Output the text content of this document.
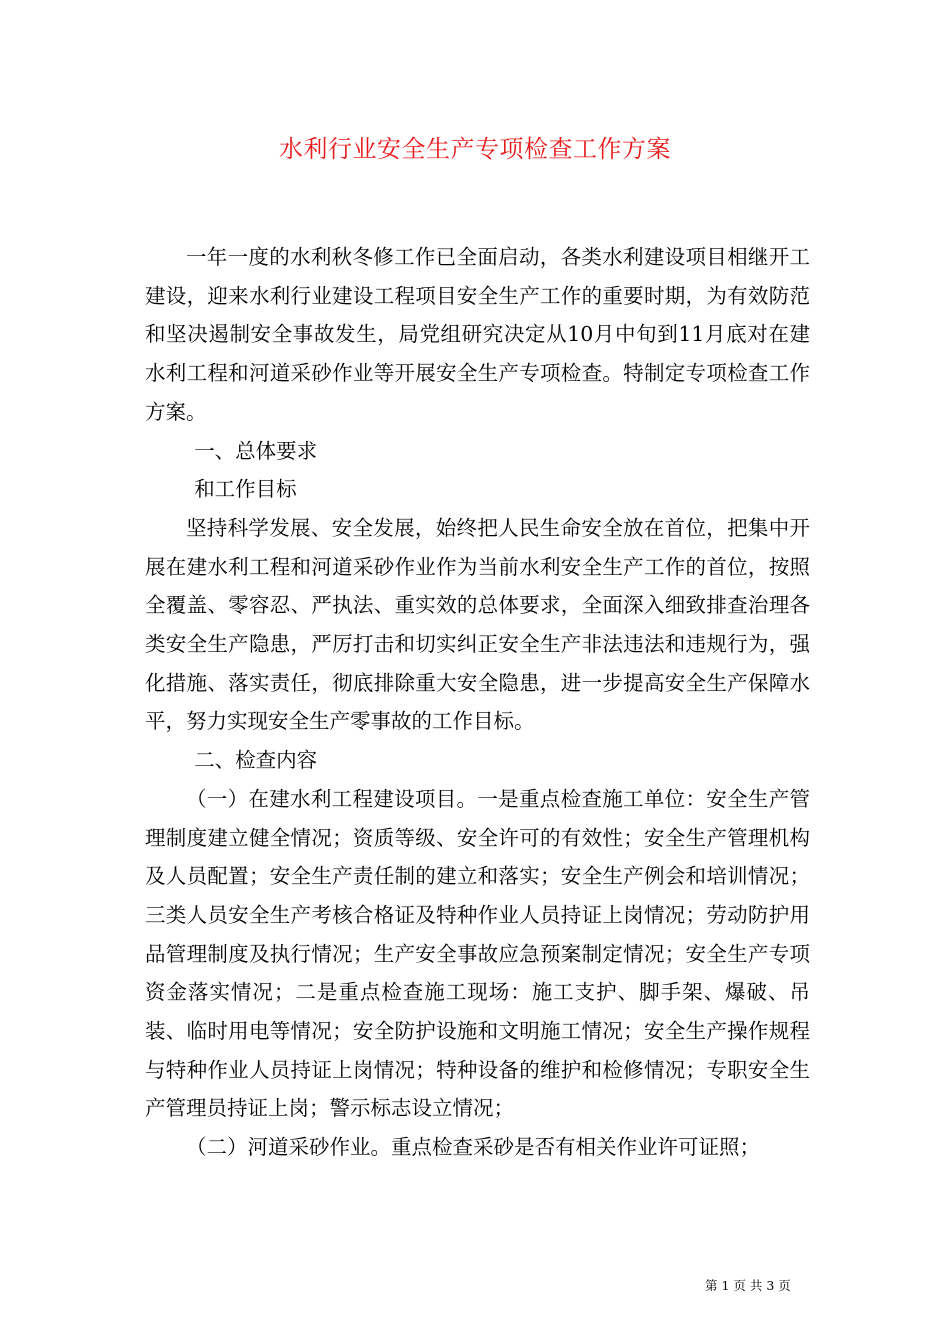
水利行业安全生产专项检查工作方案

一年一度的水利秋冬修工作已全面启动，各类水利建设项目相继开工建设，迎来水利行业建设工程项目安全生产工作的重要时期，为有效防范和坚决遏制安全事故发生，局党组研究决定从10月中旬到11月底对在建水利工程和河道采砂作业等开展安全生产专项检查。特制定专项检查工作方案。

一、总体要求

和工作目标

坚持科学发展、安全发展，始终把人民生命安全放在首位，把集中开展在建水利工程和河道采砂作业作为当前水利安全生产工作的首位，按照全覆盖、零容忍、严执法、重实效的总体要求，全面深入细致排查治理各类安全生产隐患，严厉打击和切实纠正安全生产非法违法和违规行为，强化措施、落实责任，彻底排除重大安全隐患，进一步提高安全生产保障水平，努力实现安全生产零事故的工作目标。

二、检查内容

（一）在建水利工程建设项目。一是重点检查施工单位：安全生产管理制度建立健全情况；资质等级、安全许可的有效性；安全生产管理机构及人员配置；安全生产责任制的建立和落实；安全生产例会和培训情况；三类人员安全生产考核合格证及特种作业人员持证上岗情况；劳动防护用品管理制度及执行情况；生产安全事故应急预案制定情况；安全生产专项资金落实情况；二是重点检查施工现场：施工支护、脚手架、爆破、吊装、临时用电等情况；安全防护设施和文明施工情况；安全生产操作规程与特种作业人员持证上岗情况；特种设备的维护和检修情况；专职安全生产管理员持证上岗；警示标志设立情况；

（二）河道采砂作业。重点检查采砂是否有相关作业许可证照；

第 1 页 共 3 页
